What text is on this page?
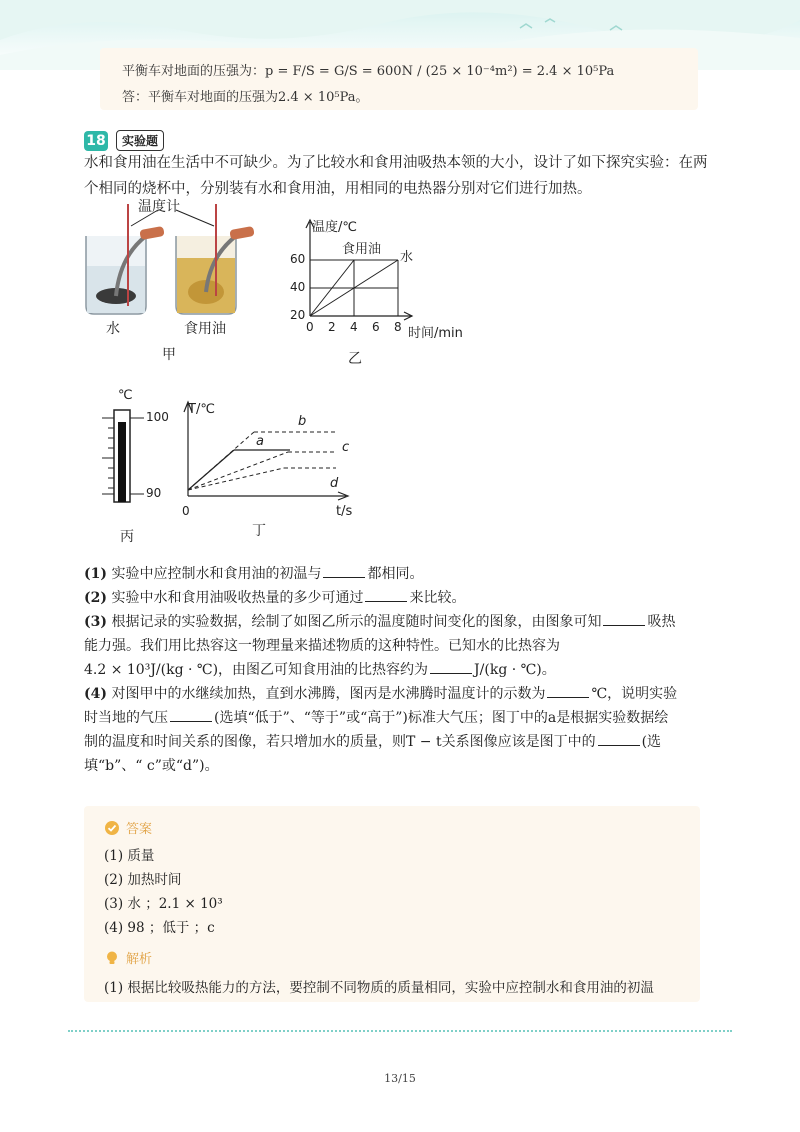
平衡车对地面的压强为：p = F/S = G/S = 600N / (25 × 10⁻⁴m²) = 2.4 × 10⁵Pa
答：平衡车对地面的压强为2.4 × 10⁵Pa。
18	实验题
水和食用油在生活中不可缺少。为了比较水和食用油吸热本领的大小，设计了如下探究实验：在两
个相同的烧杯中，分别装有水和食用油，用相同的电热器分别对它们进行加热。
温度计
水	食用油
甲
温度/℃
食用油
水
60
40
20
0 2 4 6 8 时间/min
乙
℃
100
90
丙
T/℃
b
a	c
d
0	t/s
丁
(1) 实验中应控制水和食用油的初温与	都相同。
(2) 实验中水和食用油吸收热量的多少可通过	来比较。
(3) 根据记录的实验数据，绘制了如图乙所示的温度随时间变化的图象，由图象可知	吸热
能力强。我们用比热容这一物理量来描述物质的这种特性。已知水的比热容为
4.2 × 10³J/(kg · ℃)，由图乙可知食用油的比热容约为	J/(kg · ℃)。
(4) 对图甲中的水继续加热，直到水沸腾，图丙是水沸腾时温度计的示数为	℃，说明实验
时当地的气压	(选填“低于”、“等于”或“高于”)标准大气压；图丁中的a是根据实验数据绘
制的温度和时间关系的图像，若只增加水的质量，则T − t关系图像应该是图丁中的	(选
填“b”、“ c”或“d”)。
答案
(1) 质量
(2) 加热时间
(3) 水 ；2.1 × 10³
(4) 98 ；低于 ；c
解析
(1) 根据比较吸热能力的方法，要控制不同物质的质量相同，实验中应控制水和食用油的初温
13/15
